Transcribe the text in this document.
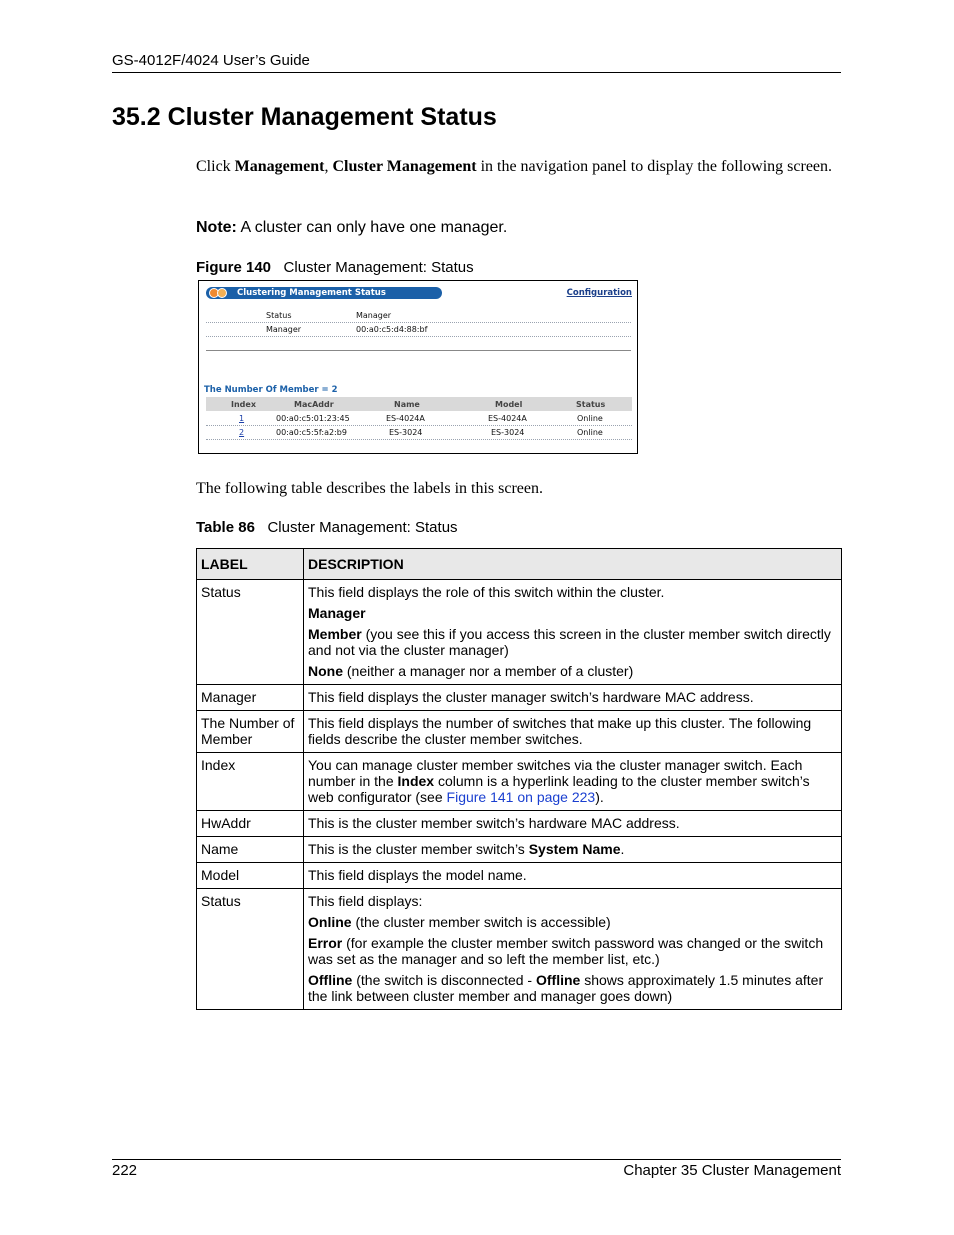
GS-4012F/4024 User’s Guide
35.2 Cluster Management Status
Click Management, Cluster Management in the navigation panel to display the following screen.
Note: A cluster can only have one manager.
Figure 140 Cluster Management: Status
Clustering Management Status	Configuration
Status	Manager
Manager	00:a0:c5:d4:88:bf
The Number Of Member = 2
Index	MacAddr	Name	Model	Status
1	00:a0:c5:01:23:45	ES-4024A	ES-4024A	Online
2	00:a0:c5:5f:a2:b9	ES-3024	ES-3024	Online
The following table describes the labels in this screen.
Table 86 Cluster Management: Status
LABEL	DESCRIPTION
Status	This field displays the role of this switch within the cluster.
Manager
Member (you see this if you access this screen in the cluster member switch directly and not via the cluster manager)
None (neither a manager nor a member of a cluster)

Manager	This field displays the cluster manager switch’s hardware MAC address.
The Number of Member	This field displays the number of switches that make up this cluster. The following fields describe the cluster member switches.
Index	You can manage cluster member switches via the cluster manager switch. Each number in the Index column is a hyperlink leading to the cluster member switch’s web configurator (see Figure 141 on page 223).
HwAddr	This is the cluster member switch’s hardware MAC address.
Name	This is the cluster member switch’s System Name.
Model	This field displays the model name.
Status	This field displays:
Online (the cluster member switch is accessible)
Error (for example the cluster member switch password was changed or the switch was set as the manager and so left the member list, etc.)
Offline (the switch is disconnected - Offline shows approximately 1.5 minutes after the link between cluster member and manager goes down)
222	Chapter 35 Cluster Management
